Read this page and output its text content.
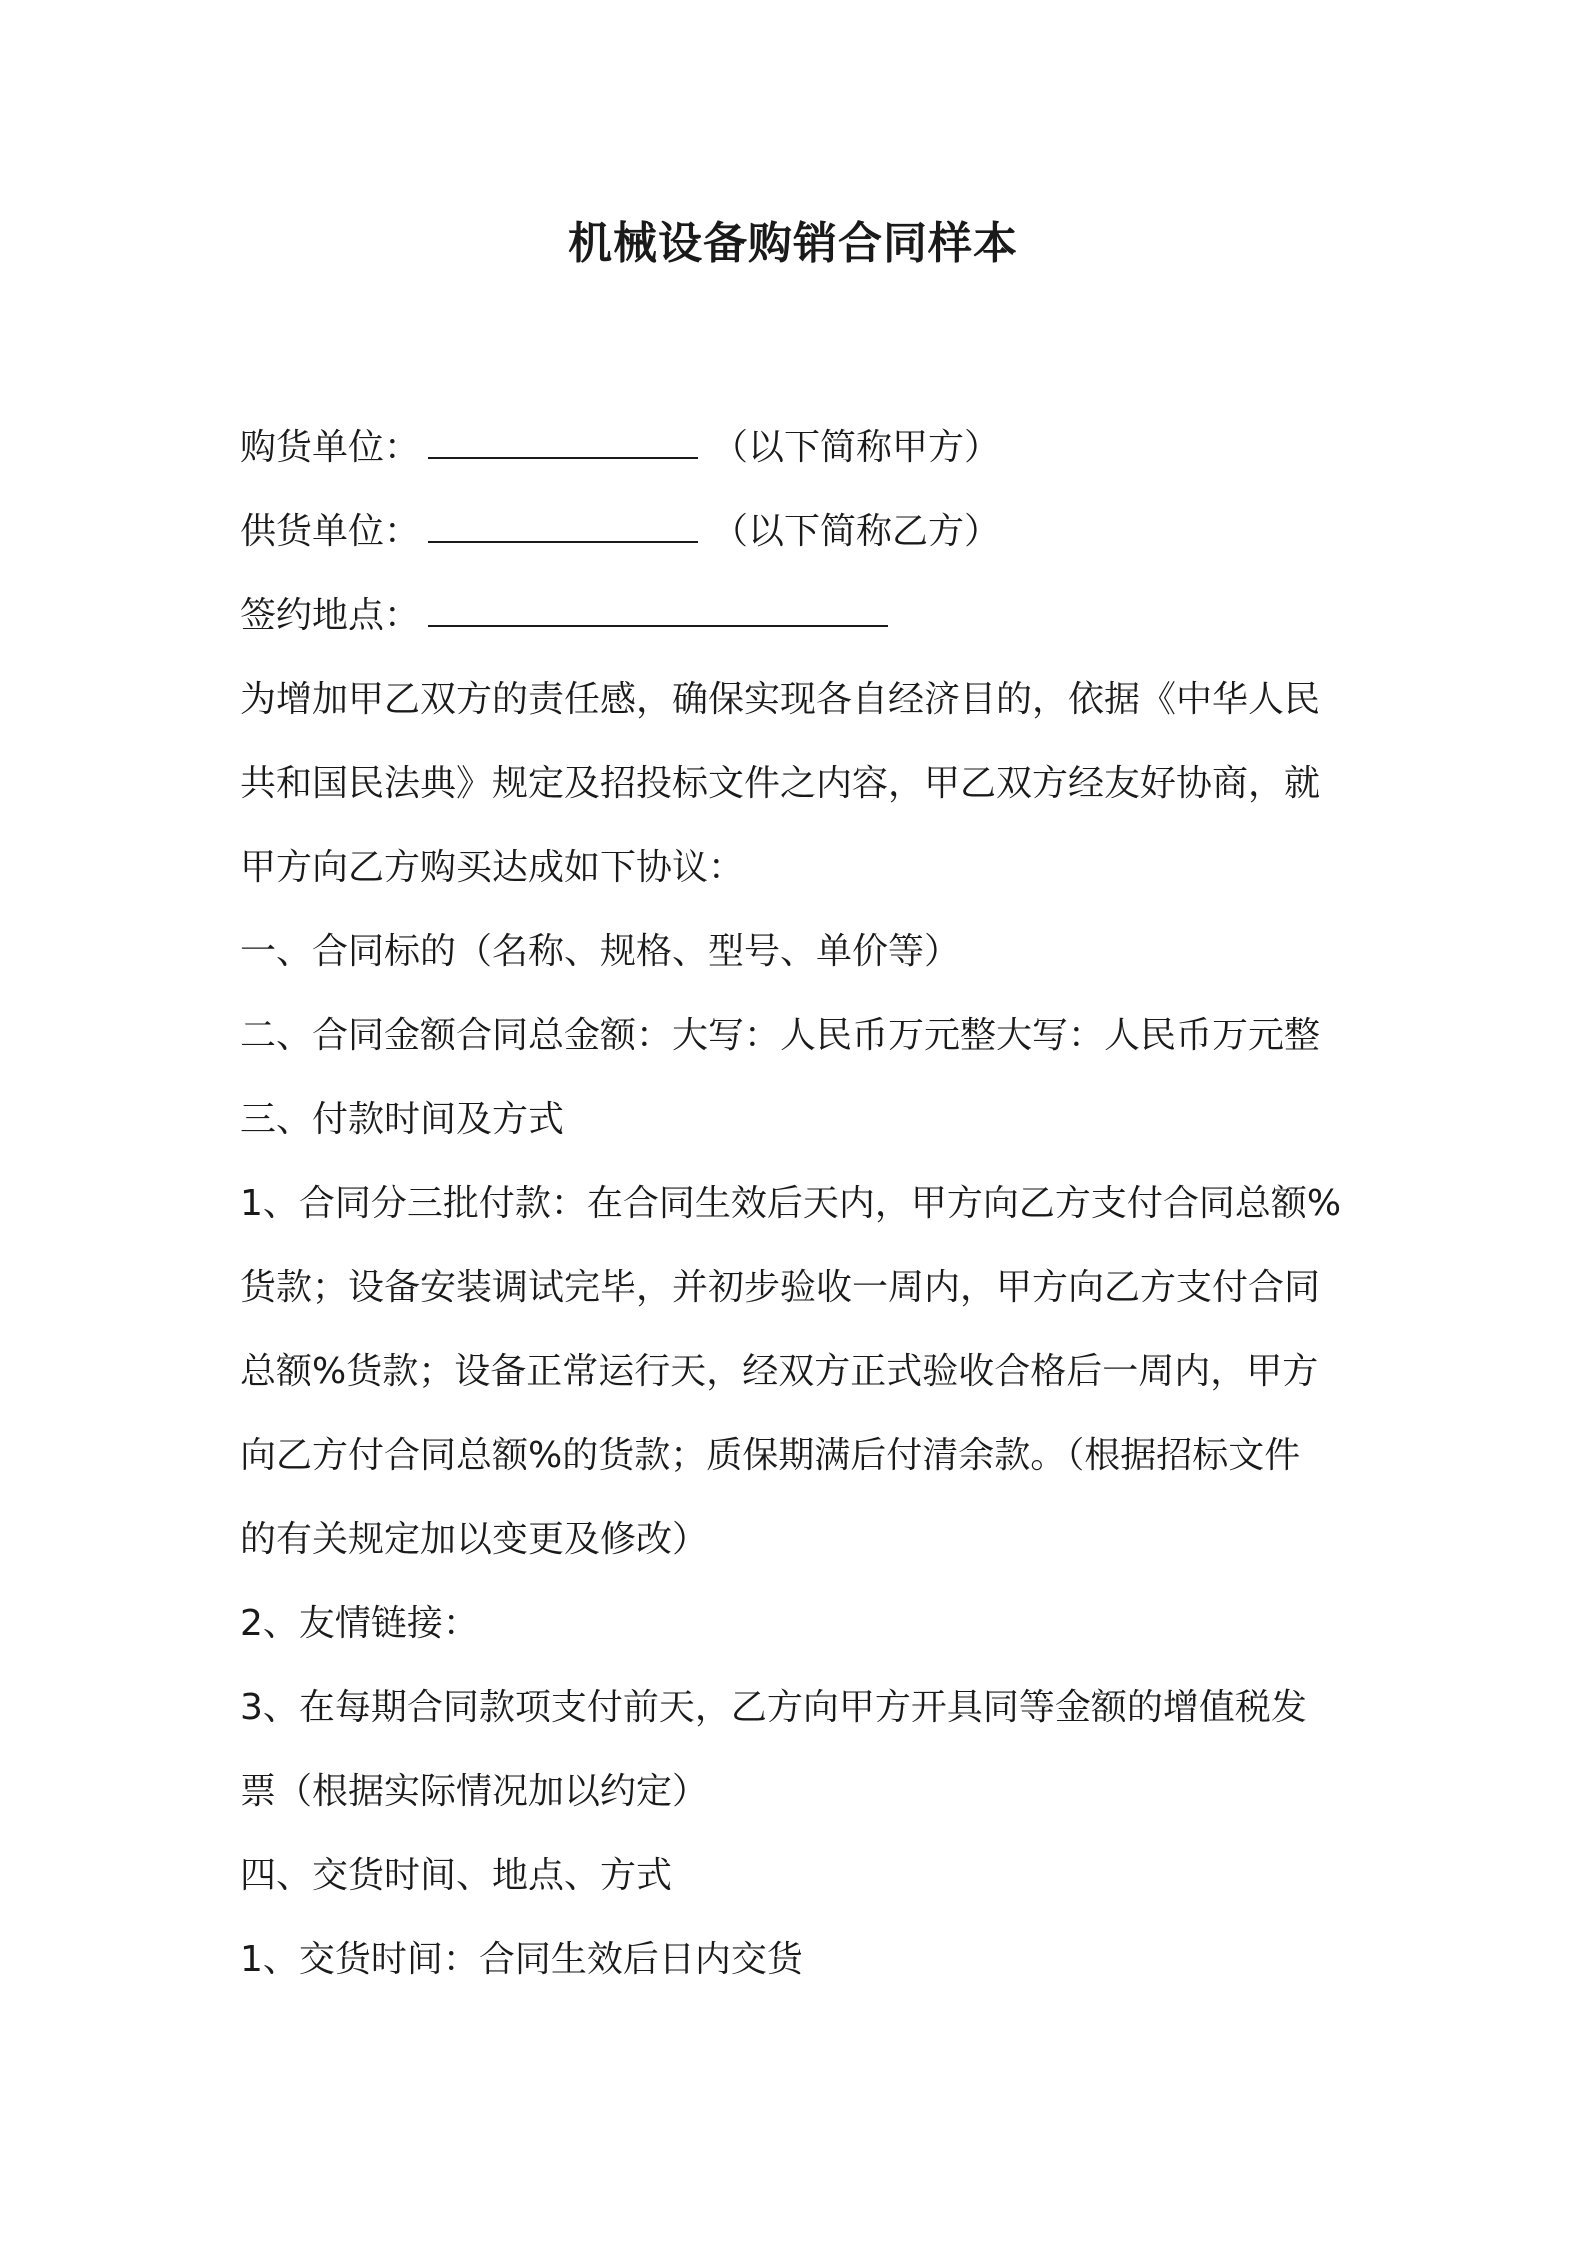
机械设备购销合同样本
购货单位：	（以下简称甲方）
供货单位：	（以下简称乙方）
签约地点：
为增加甲乙双方的责任感，确保实现各自经济目的，依据《中华人民
共和国民法典》规定及招投标文件之内容，甲乙双方经友好协商，就
甲方向乙方购买达成如下协议：
一、合同标的（名称、规格、型号、单价等）
二、合同金额合同总金额：大写：人民币万元整大写：人民币万元整
三、付款时间及方式
1、合同分三批付款：在合同生效后天内，甲方向乙方支付合同总额%
货款；设备安装调试完毕，并初步验收一周内，甲方向乙方支付合同
总额%货款；设备正常运行天，经双方正式验收合格后一周内，甲方
向乙方付合同总额%的货款；质保期满后付清余款。（根据招标文件
的有关规定加以变更及修改）
2、友情链接：
3、在每期合同款项支付前天，乙方向甲方开具同等金额的增值税发
票（根据实际情况加以约定）
四、交货时间、地点、方式
1、交货时间：合同生效后日内交货
